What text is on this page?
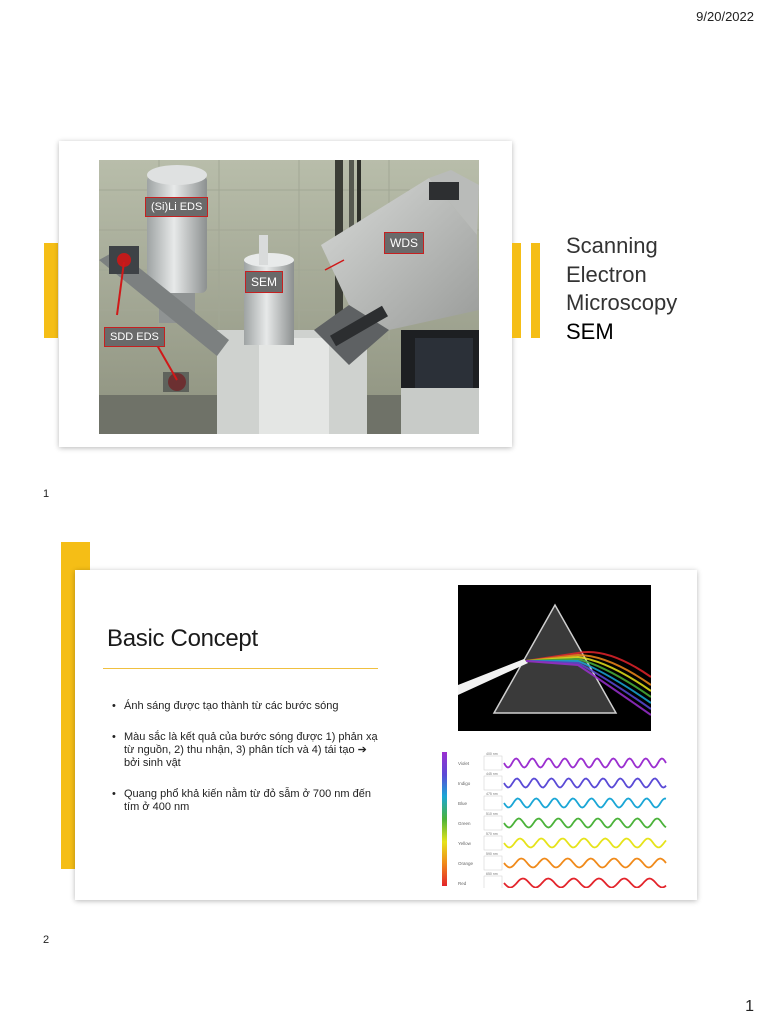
9/20/2022
(Si)Li EDS
WDS
SEM
SDD EDS
Scanning
Electron
Microscopy
SEM
1
Basic Concept
• Ánh sáng được tạo thành từ các bước sóng
• Màu sắc là kết quả của bước sóng được 1) phản xạ từ nguồn, 2) thu nhận, 3) phân tích và 4) tái tạo ➔ bởi sinh vật
• Quang phổ khả kiến nằm từ đỏ sẫm ở 700 nm đến tím ở 400 nm
Violet
400 nm
Indigo
445 nm
Blue
475 nm
Green
510 nm
Yellow
570 nm
Orange
590 nm
Red
650 nm
2
1
